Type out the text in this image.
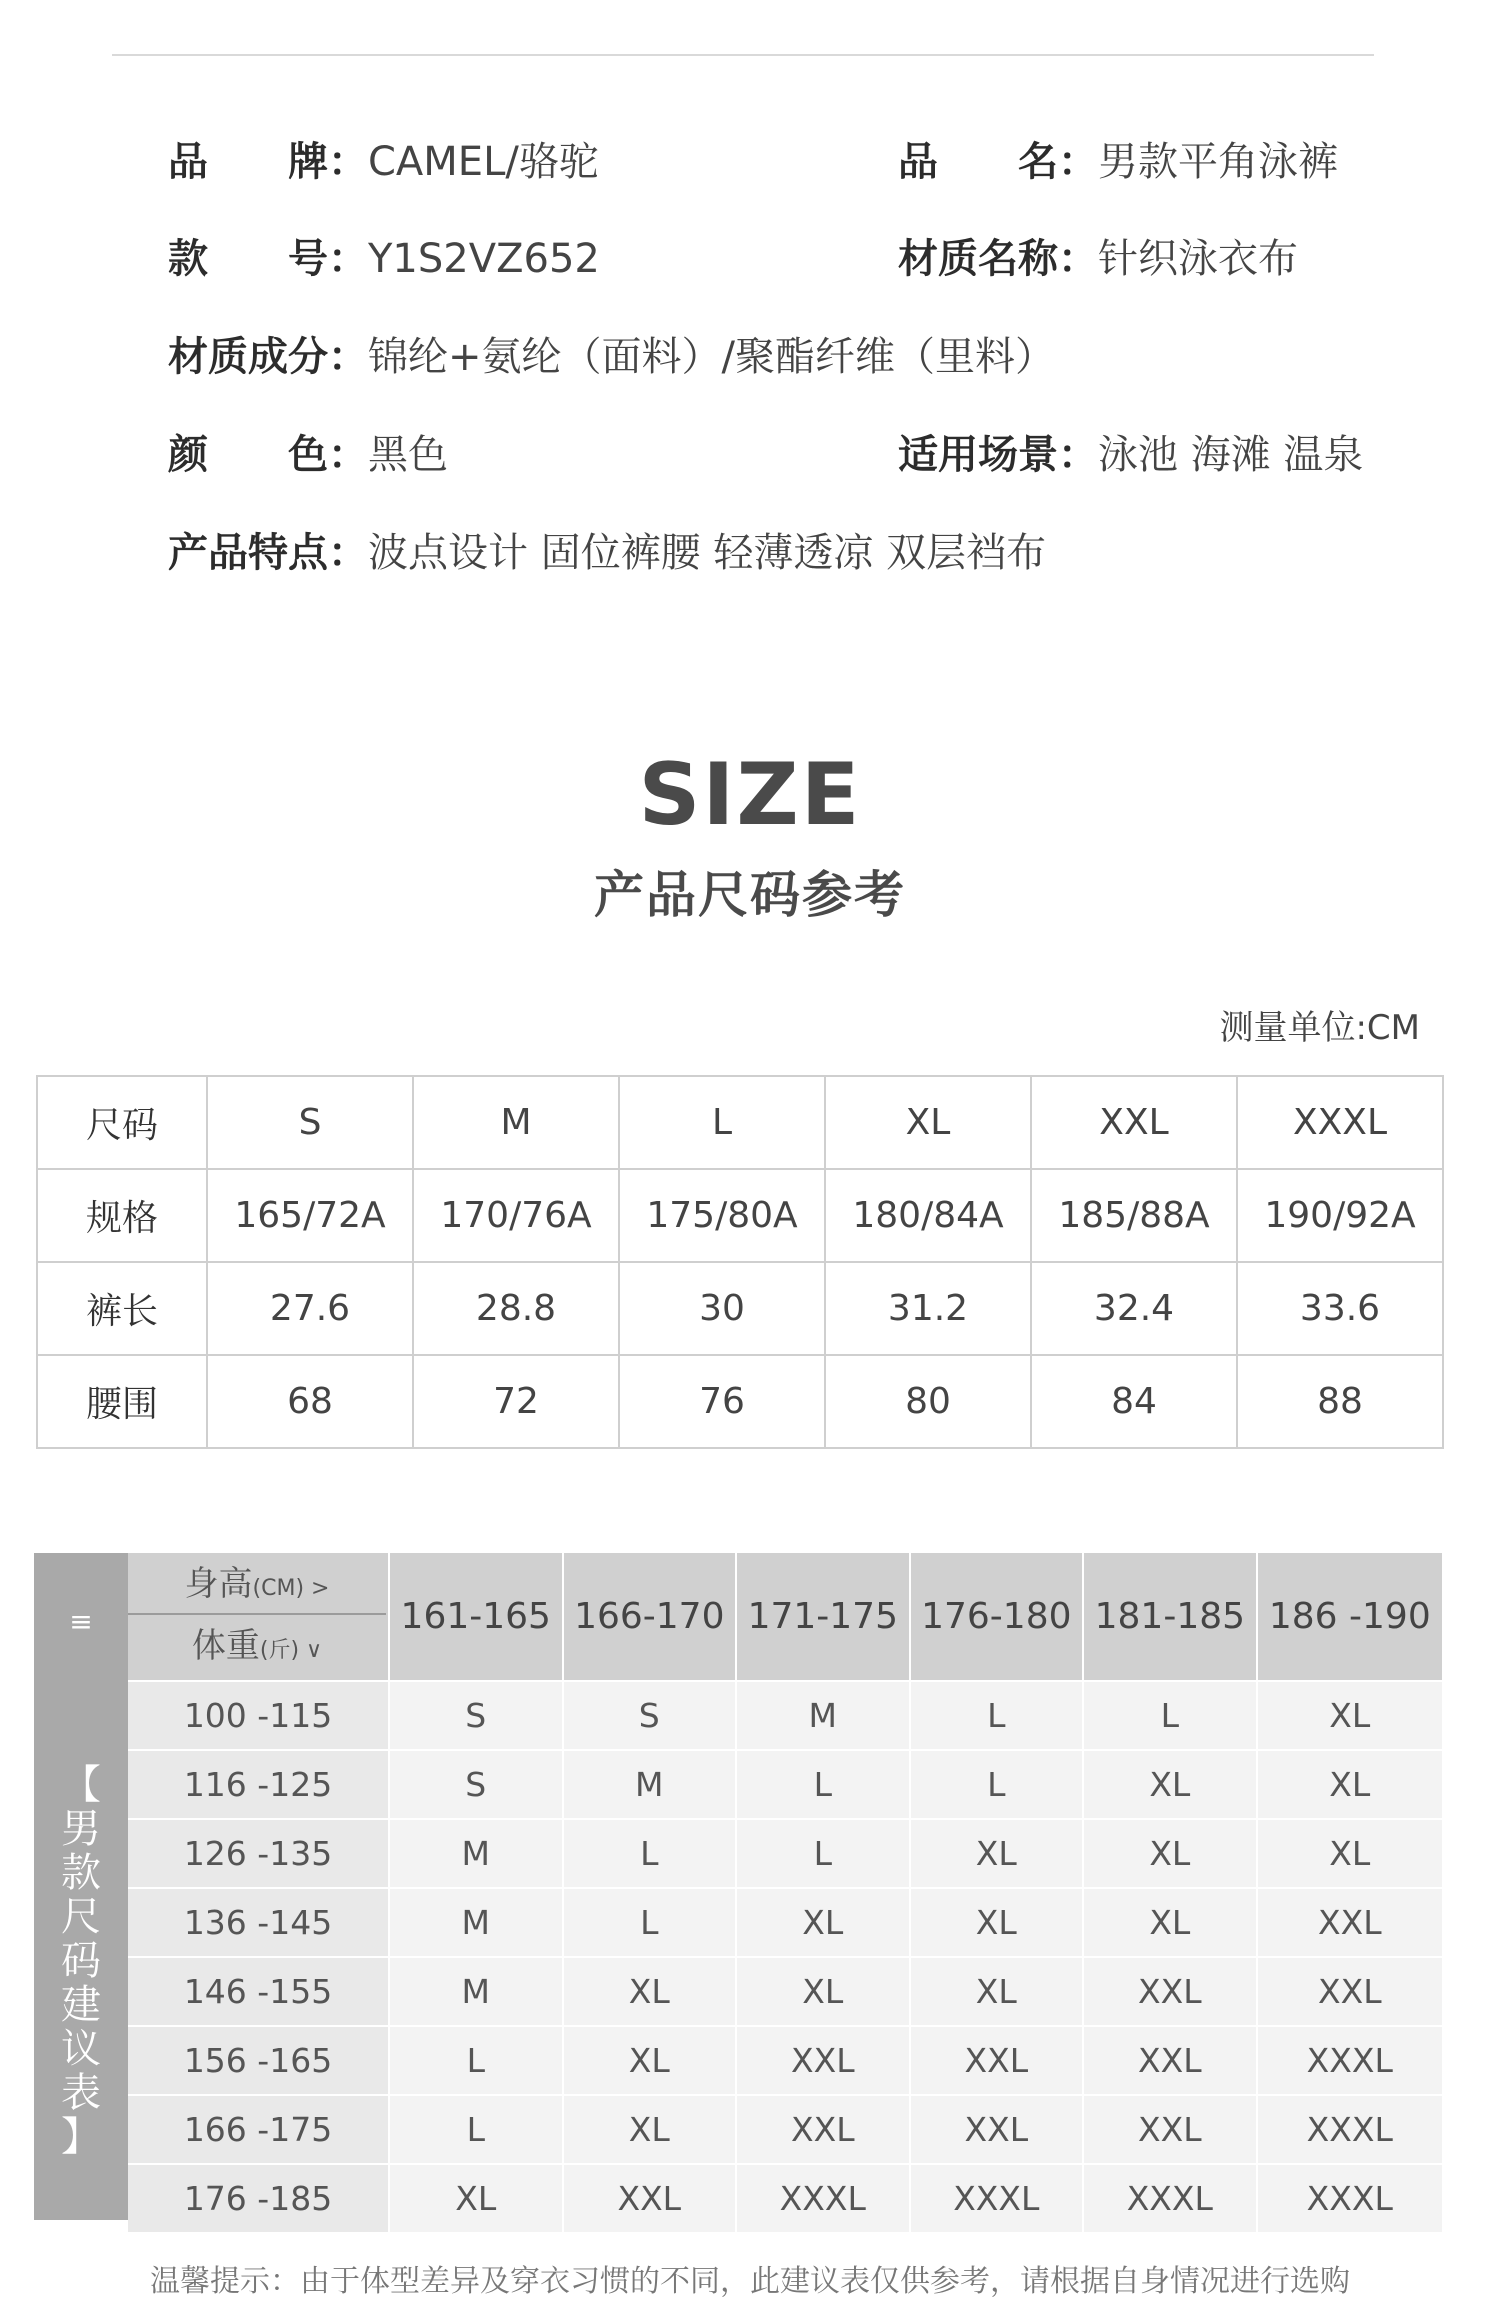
品　　牌：CAMEL/骆驼	品　　名：男款平角泳裤
款　　号：Y1S2VZ652	材质名称：针织泳衣布
材质成分：锦纶+氨纶（面料）/聚酯纤维（里料）
颜　　色：黑色	适用场景：泳池 海滩 温泉
产品特点：波点设计 固位裤腰 轻薄透凉 双层裆布
SIZE
产品尺码参考
测量单位:CM
尺码	S	M	L	XL	XXL	XXXL
规格	165/72A	170/76A	175/80A	180/84A	185/88A	190/92A
裤长	27.6	28.8	30	31.2	32.4	33.6
腰围	68	72	76	80	84	88
≡
【
男
款
尺
码
建
议
表
】
身高(CM) >
体重(斤) ∨	161-165	166-170	171-175	176-180	181-185	186 -190
100 -115	S	S	M	L	L	XL
116 -125	S	M	L	L	XL	XL
126 -135	M	L	L	XL	XL	XL
136 -145	M	L	XL	XL	XL	XXL
146 -155	M	XL	XL	XL	XXL	XXL
156 -165	L	XL	XXL	XXL	XXL	XXXL
166 -175	L	XL	XXL	XXL	XXL	XXXL
176 -185	XL	XXL	XXXL	XXXL	XXXL	XXXL
温馨提示：由于体型差异及穿衣习惯的不同，此建议表仅供参考，请根据自身情况进行选购
